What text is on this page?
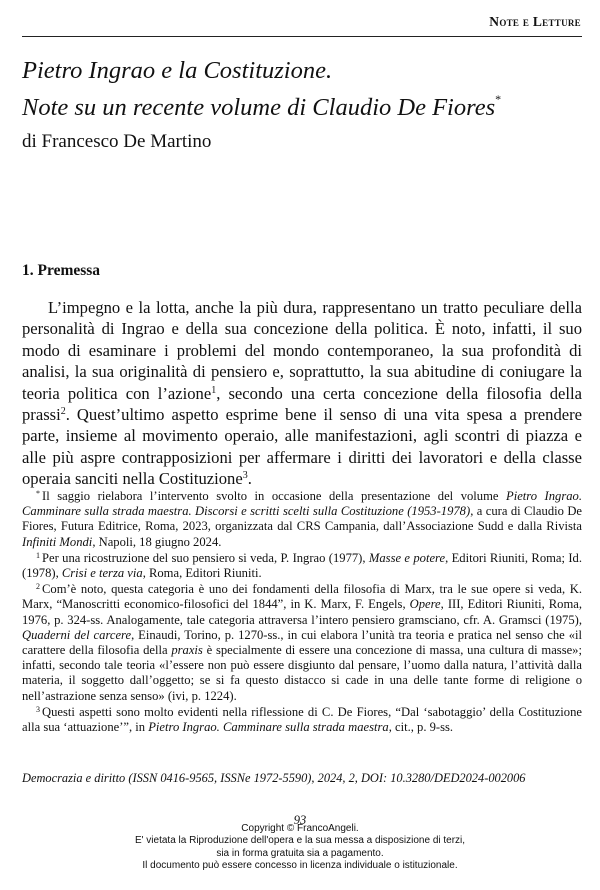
Note e Letture
Pietro Ingrao e la Costituzione.
Note su un recente volume di Claudio De Fiores*
di Francesco De Martino
1. Premessa

L’impegno e la lotta, anche la più dura, rappresentano un tratto peculiare della personalità di Ingrao e della sua concezione della politica. È noto, infatti, il suo modo di esaminare i problemi del mondo contemporaneo, la sua profondità di analisi, la sua originalità di pensiero e, soprattutto, la sua abitudine di coniugare la teoria politica con l’azione$^1$, secondo una certa concezione della filosofia della prassi$^2$. Quest’ultimo aspetto esprime bene il senso di una vita spesa a prendere parte, insieme al movimento operaio, alle manifestazioni, agli scontri di piazza e alle più aspre contrapposizioni per affermare i diritti dei lavoratori e della classe operaia sanciti nella Costituzione$^3$.

* Il saggio rielabora l’intervento svolto in occasione della presentazione del volume Pietro Ingrao. Camminare sulla strada maestra. Discorsi e scritti scelti sulla Costituzione (1953-1978), a cura di Claudio De Fiores, Futura Editrice, Roma, 2023, organizzata dal CRS Campania, dall’Associazione Sudd e dalla Rivista Infiniti Mondi, Napoli, 18 giugno 2024.

$^1$ Per una ricostruzione del suo pensiero si veda, P. Ingrao (1977), Masse e potere, Editori Riuniti, Roma; Id. (1978), Crisi e terza via, Roma, Editori Riuniti.

$^2$ Com’è noto, questa categoria è uno dei fondamenti della filosofia di Marx, tra le sue opere si veda, K. Marx, “Manoscritti economico-filosofici del 1844”, in K. Marx, F. Engels, Opere, III, Editori Riuniti, Roma, 1976, p. 324-ss. Analogamente, tale categoria attraversa l’intero pensiero gramsciano, cfr. A. Gramsci (1975), Quaderni del carcere, Einaudi, Torino, p. 1270-ss., in cui elabora l’unità tra teoria e pratica nel senso che «il carattere della filosofia della praxis è specialmente di essere una concezione di massa, una cultura di masse»; infatti, secondo tale teoria «l’essere non può essere disgiunto dal pensare, l’uomo dalla natura, l’attività dalla materia, il soggetto dall’oggetto; se si fa questo distacco si cade in una delle tante forme di religione o nell’astrazione senza senso» (ivi, p. 1224).

$^3$ Questi aspetti sono molto evidenti nella riflessione di C. De Fiores, “Dal ‘sabotaggio’ della Costituzione alla sua ‘attuazione’”, in Pietro Ingrao. Camminare sulla strada maestra, cit., p. 9-ss.

Democrazia e diritto (ISSN 0416-9565, ISSNe 1972-5590), 2024, 2, DOI: 10.3280/DED2024-002006
93
Copyright © FrancoAngeli.
E' vietata la Riproduzione dell'opera e la sua messa a disposizione di terzi,
sia in forma gratuita sia a pagamento.
Il documento può essere concesso in licenza individuale o istituzionale.
